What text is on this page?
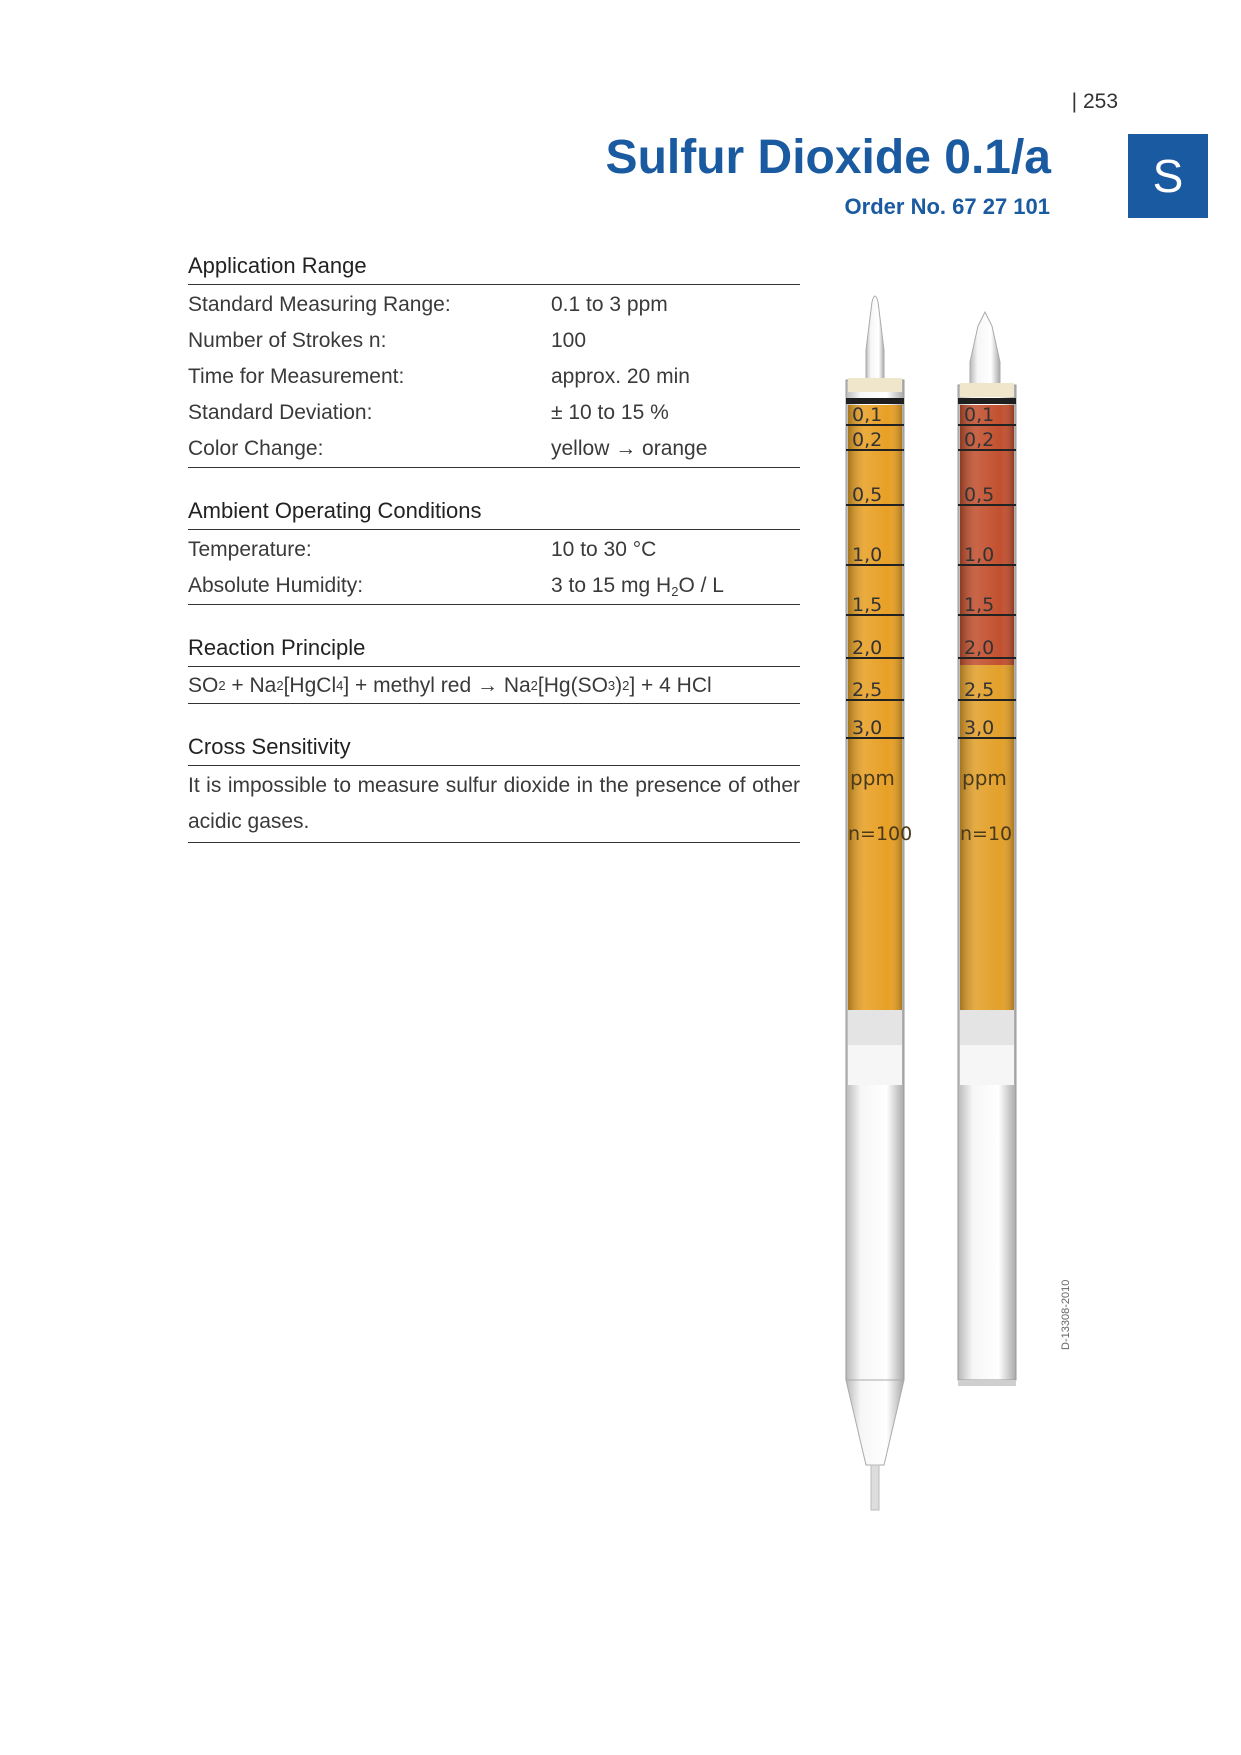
| 253
Sulfur Dioxide 0.1/a
Order No. 67 27 101
S
Application Range
Standard Measuring Range:	0.1 to 3 ppm
Number of Strokes n:	100
Time for Measurement:	approx. 20 min
Standard Deviation:	± 10 to 15 %
Color Change:	yellow → orange
Ambient Operating Conditions
Temperature:	10 to 30 °C
Absolute Humidity:	3 to 15 mg $H_2O$ / L
Reaction Principle
SO 2 + Na 2 [HgCl 4 ] + methyl red → Na 2 [Hg(SO 3 ) 2 ] + 4 HCl
Cross Sensitivity
It is impossible to measure sulfur dioxide in the presence of other acidic gases.
0,1
0,2
0,5
1,0
1,5
2,0
2,5
3,0
ppm
n=100
0,1
0,2
0,5
1,0
1,5
2,0
2,5
3,0
ppm
n=10
D-13308-2010
